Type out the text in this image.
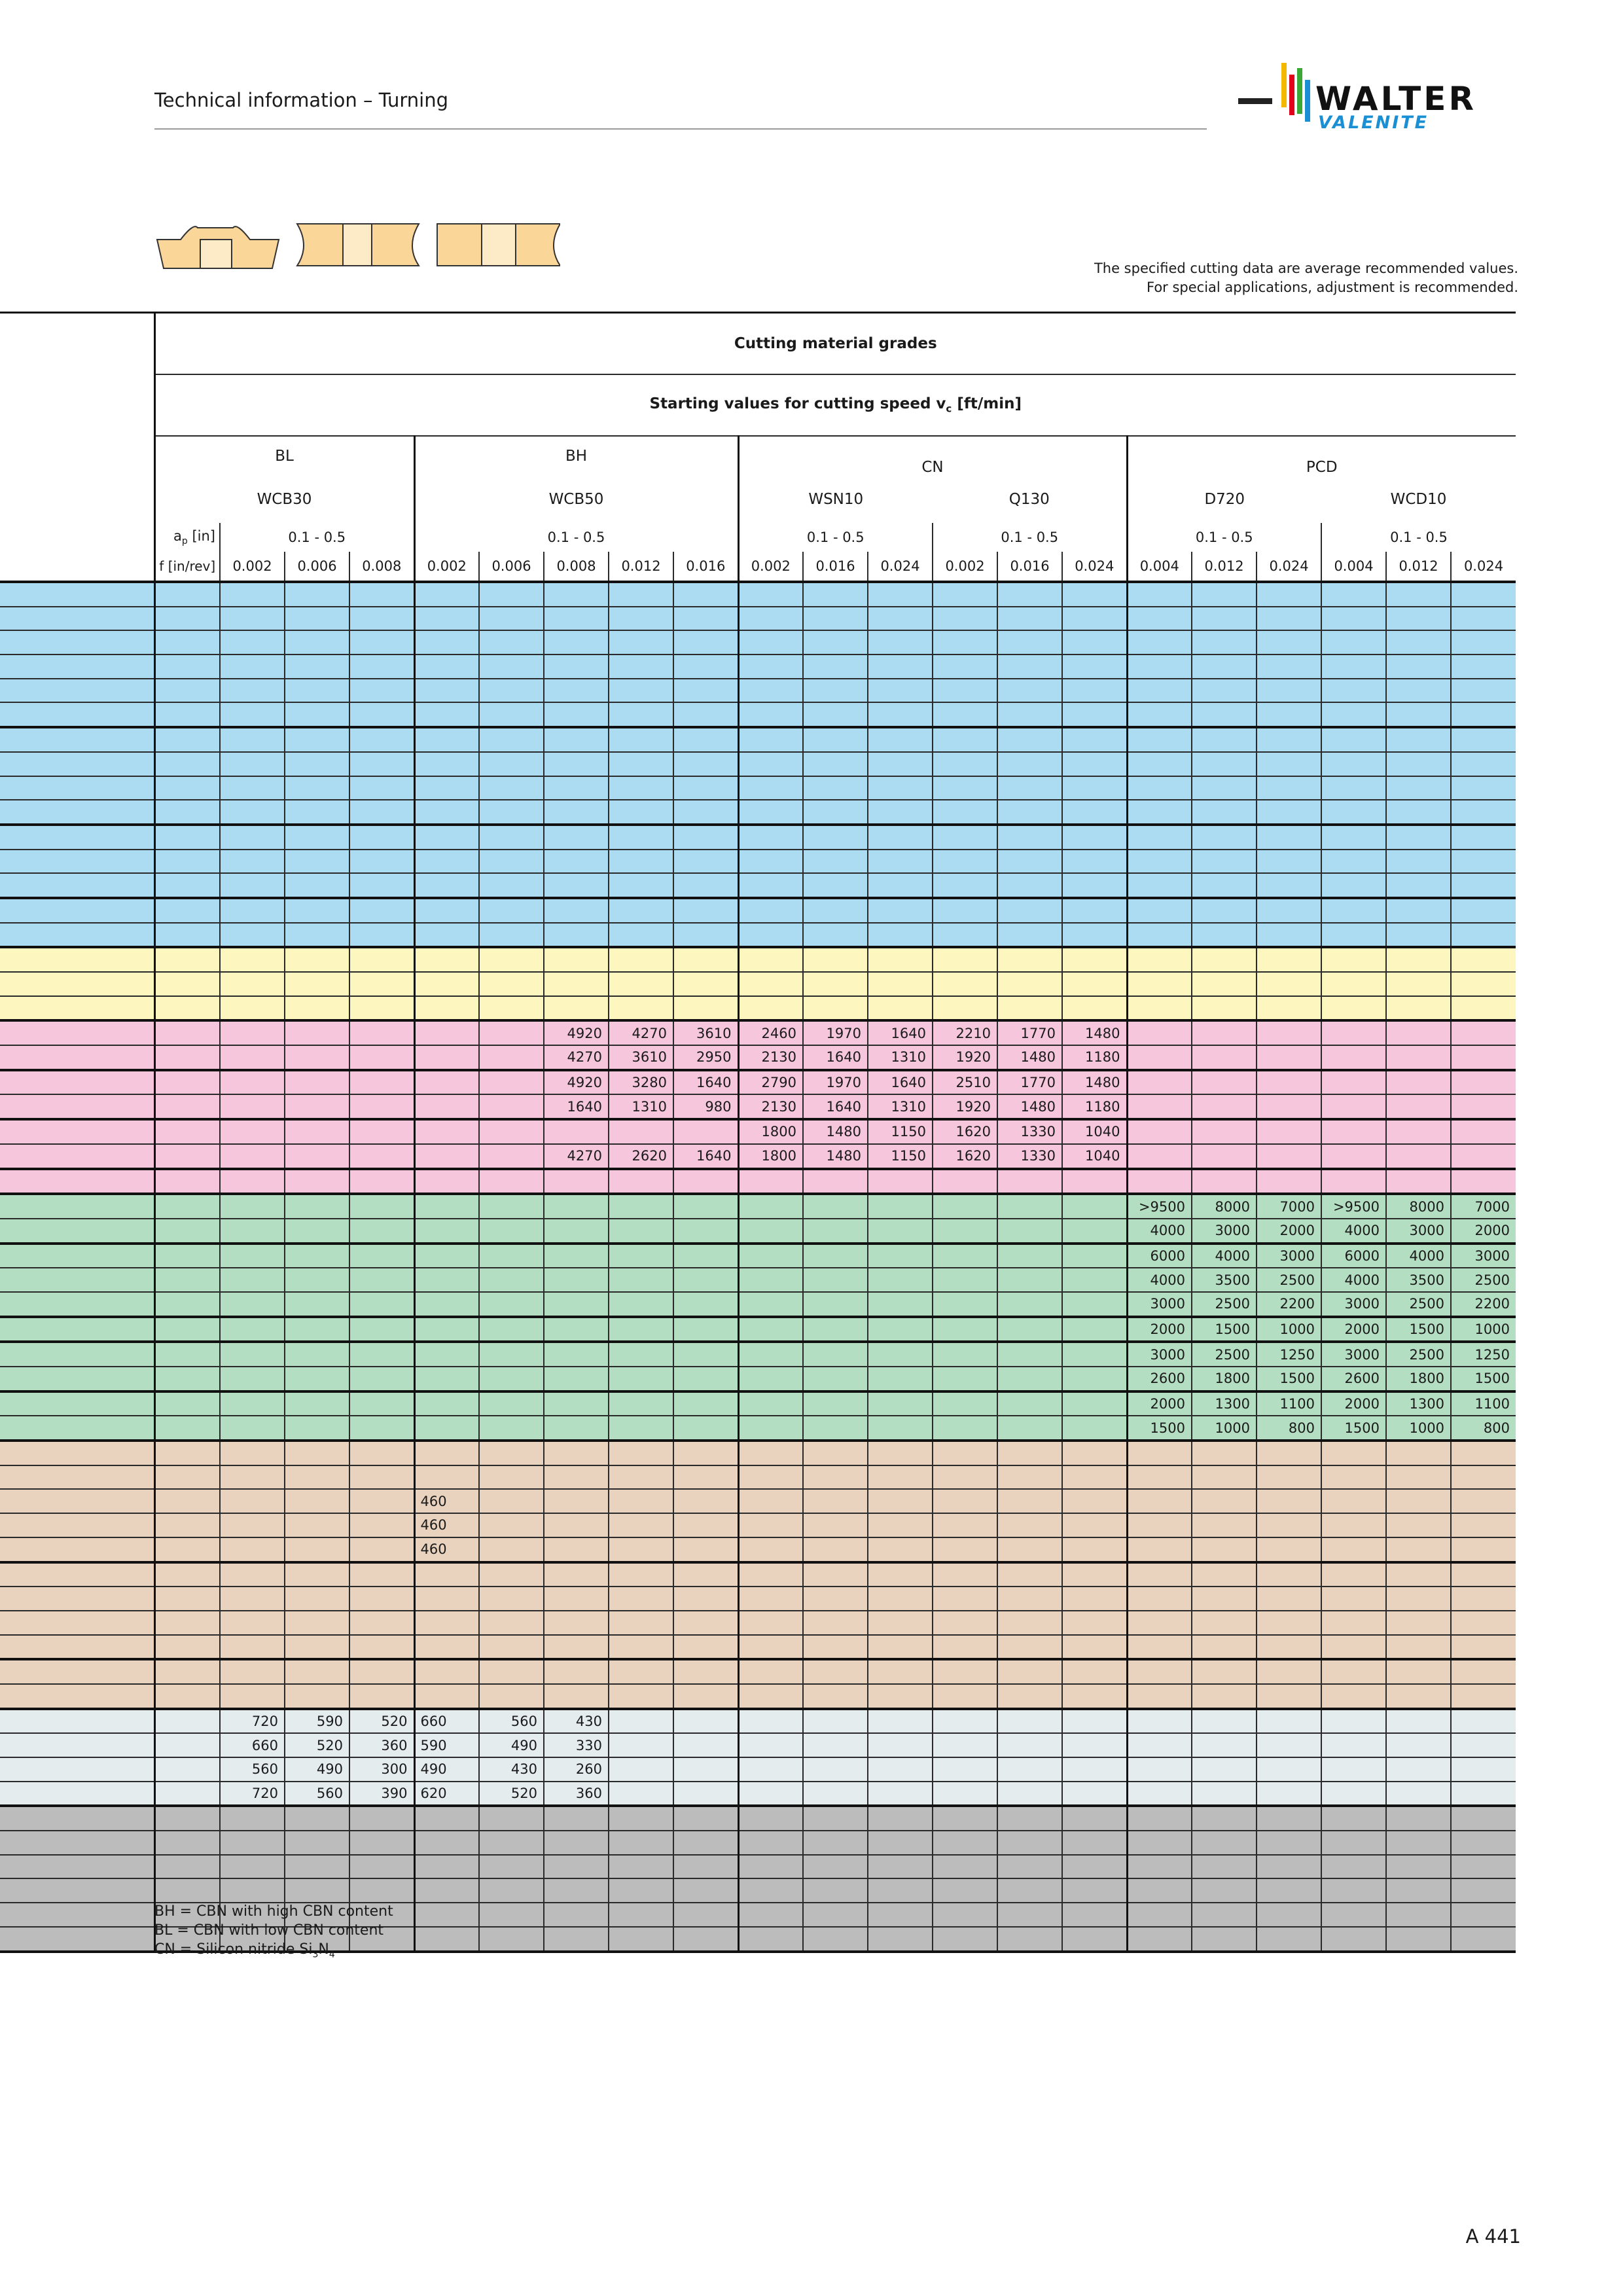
Technical information – Turning	WALTER
VALENITE
The specified cutting data are average recommended values.
For special applications, adjustment is recommended.
	Cutting material grades																				
	Starting values for cutting speed $v_c$ [ft/min]																				
	BL				BH					CN						PCD					
	WCB30				WCB50					WSN10			Q130			D720			WCD10		
	$a_p$ [in]	0.1 - 0.5			0.1 - 0.5					0.1 - 0.5			0.1 - 0.5			0.1 - 0.5			0.1 - 0.5		
	f [in/rev]	0.002	0.006	0.008	0.002	0.006	0.008	0.012	0.016	0.002	0.016	0.024	0.002	0.016	0.024	0.004	0.012	0.024	0.004	0.012	0.024

							4920	4270	3610	2460	1970	1640	2210	1770	1480						
							4270	3610	2950	2130	1640	1310	1920	1480	1180						
							4920	3280	1640	2790	1970	1640	2510	1770	1480						
							1640	1310	980	2130	1640	1310	1920	1480	1180						
										1800	1480	1150	1620	1330	1040						
							4270	2620	1640	1800	1480	1150	1620	1330	1040						

																>9500	8000	7000	>9500	8000	7000
																4000	3000	2000	4000	3000	2000
																6000	4000	3000	6000	4000	3000
																4000	3500	2500	4000	3500	2500
																3000	2500	2200	3000	2500	2200
																2000	1500	1000	2000	1500	1000
																3000	2500	1250	3000	2500	1250
																2600	1800	1500	2600	1800	1500
																2000	1300	1100	2000	1300	1100
																1500	1000	800	1500	1000	800

					460																
					460																
					460																

		720	590	520	660	560	430														
		660	520	360	590	490	330														
		560	490	300	490	430	260														
		720	560	390	620	520	360														

BH = CBN with high CBN content
BL = CBN with low CBN content
CN = Silicon nitride $Si_3N_4$
A 441
